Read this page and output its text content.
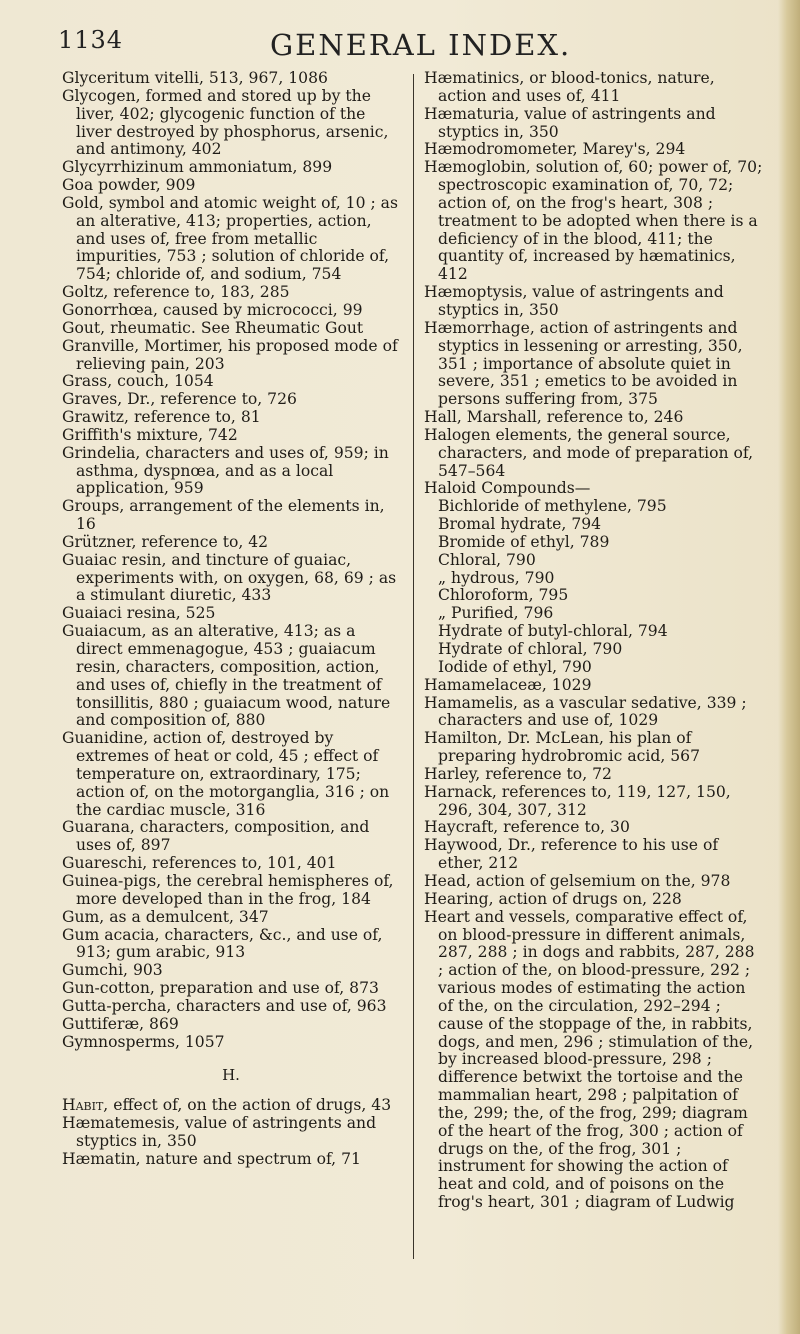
1134	GENERAL INDEX.
Glyceritum vitelli, 513, 967, 1086
Glycogen, formed and stored up by the liver, 402; glycogenic function of the liver destroyed by phosphorus, arsenic, and antimony, 402
Glycyrrhizinum ammoniatum, 899
Goa powder, 909
Gold, symbol and atomic weight of, 10 ; as an alterative, 413; properties, action, and uses of, free from metallic impurities, 753 ; solution of chloride of, 754; chloride of, and sodium, 754
Goltz, reference to, 183, 285
Gonorrhœa, caused by micrococci, 99
Gout, rheumatic. See Rheumatic Gout
Granville, Mortimer, his proposed mode of relieving pain, 203
Grass, couch, 1054
Graves, Dr., reference to, 726
Grawitz, reference to, 81
Griffith's mixture, 742
Grindelia, characters and uses of, 959; in asthma, dyspnœa, and as a local application, 959
Groups, arrangement of the elements in, 16
Grützner, reference to, 42
Guaiac resin, and tincture of guaiac, experiments with, on oxygen, 68, 69 ; as a stimulant diuretic, 433
Guaiaci resina, 525
Guaiacum, as an alterative, 413; as a direct emmenagogue, 453 ; guaiacum resin, characters, composition, action, and uses of, chiefly in the treatment of tonsillitis, 880 ; guaiacum wood, nature and composition of, 880
Guanidine, action of, destroyed by extremes of heat or cold, 45 ; effect of temperature on, extraordinary, 175; action of, on the motorganglia, 316 ; on the cardiac muscle, 316
Guarana, characters, composition, and uses of, 897
Guareschi, references to, 101, 401
Guinea-pigs, the cerebral hemispheres of, more developed than in the frog, 184
Gum, as a demulcent, 347
Gum acacia, characters, &c., and use of, 913; gum arabic, 913
Gumchi, 903
Gun-cotton, preparation and use of, 873
Gutta-percha, characters and use of, 963
Guttiferæ, 869
Gymnosperms, 1057
H.
Habit, effect of, on the action of drugs, 43
Hæmatemesis, value of astringents and styptics in, 350
Hæmatin, nature and spectrum of, 71
Hæmatinics, or blood-tonics, nature, action and uses of, 411
Hæmaturia, value of astringents and styptics in, 350
Hæmodromometer, Marey's, 294
Hæmoglobin, solution of, 60; power of, 70; spectroscopic examination of, 70, 72; action of, on the frog's heart, 308 ; treatment to be adopted when there is a deficiency of in the blood, 411; the quantity of, increased by hæmatinics, 412
Hæmoptysis, value of astringents and styptics in, 350
Hæmorrhage, action of astringents and styptics in lessening or arresting, 350, 351 ; importance of absolute quiet in severe, 351 ; emetics to be avoided in persons suffering from, 375
Hall, Marshall, reference to, 246
Halogen elements, the general source, characters, and mode of preparation of, 547–564
Haloid Compounds—
Bichloride of methylene, 795
Bromal hydrate, 794
Bromide of ethyl, 789
Chloral, 790
„ hydrous, 790
Chloroform, 795
„ Purified, 796
Hydrate of butyl-chloral, 794
Hydrate of chloral, 790
Iodide of ethyl, 790
Hamamelaceæ, 1029
Hamamelis, as a vascular sedative, 339 ; characters and use of, 1029
Hamilton, Dr. McLean, his plan of preparing hydrobromic acid, 567
Harley, reference to, 72
Harnack, references to, 119, 127, 150, 296, 304, 307, 312
Haycraft, reference to, 30
Haywood, Dr., reference to his use of ether, 212
Head, action of gelsemium on the, 978
Hearing, action of drugs on, 228
Heart and vessels, comparative effect of, on blood-pressure in different animals, 287, 288 ; in dogs and rabbits, 287, 288 ; action of the, on blood-pressure, 292 ; various modes of estimating the action of the, on the circulation, 292–294 ; cause of the stoppage of the, in rabbits, dogs, and men, 296 ; stimulation of the, by increased blood-pressure, 298 ; difference betwixt the tortoise and the mammalian heart, 298 ; palpitation of the, 299; the, of the frog, 299; diagram of the heart of the frog, 300 ; action of drugs on the, of the frog, 301 ; instrument for showing the action of heat and cold, and of poisons on the frog's heart, 301 ; diagram of Ludwig
